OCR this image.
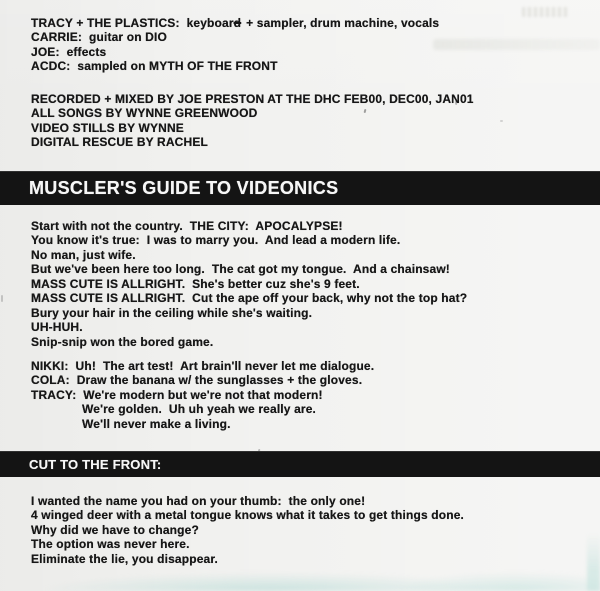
TRACY + THE PLASTICS:  keyboard + sampler, drum machine, vocals
CARRIE:  guitar on DIO
JOE:  effects
ACDC:  sampled on MYTH OF THE FRONT
RECORDED + MIXED BY JOE PRESTON AT THE DHC FEB00, DEC00, JAN01
ALL SONGS BY WYNNE GREENWOOD
VIDEO STILLS BY WYNNE
DIGITAL RESCUE BY RACHEL
MUSCLER'S GUIDE TO VIDEONICS
Start with not the country.  THE CITY:  APOCALYPSE!
You know it's true:  I was to marry you.  And lead a modern life.
No man, just wife.
But we've been here too long.  The cat got my tongue.  And a chainsaw!
MASS CUTE IS ALLRIGHT.  She's better cuz she's 9 feet.
MASS CUTE IS ALLRIGHT.  Cut the ape off your back, why not the top hat?
Bury your hair in the ceiling while she's waiting.
UH-HUH.
Snip-snip won the bored game.
NIKKI:  Uh!  The art test!  Art brain'll never let me dialogue.
COLA:  Draw the banana w/ the sunglasses + the gloves.
TRACY:  We're modern but we're not that modern!
We're golden.  Uh uh yeah we really are.
We'll never make a living.
CUT TO THE FRONT:
I wanted the name you had on your thumb:  the only one!
4 winged deer with a metal tongue knows what it takes to get things done.
Why did we have to change?
The option was never here.
Eliminate the lie, you disappear.
